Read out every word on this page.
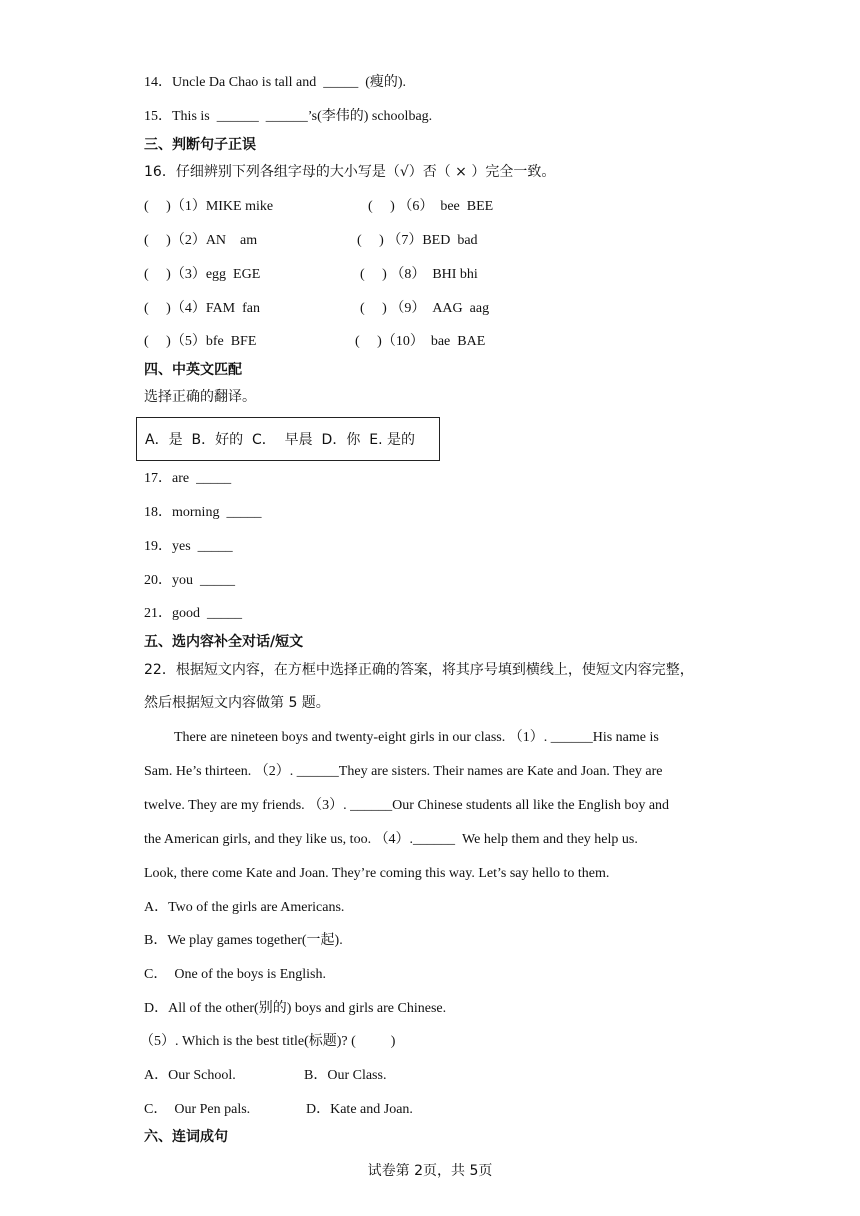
14．Uncle Da Chao is tall and  _____  (瘦的).
15．This is  ______  ______’s(李伟的) schoolbag.
三、判断句子正误
16．仔细辨别下列各组字母的大小写是（√）否（ × ）完全一致。
(     )（1）MIKE mike	(     ) （6）  bee  BEE
(     )（2）AN    am	(     ) （7）BED  bad
(     )（3）egg  EGE	(     ) （8）  BHI bhi
(     )（4）FAM  fan	(     ) （9）  AAG  aag
(     )（5）bfe  BFE	(     )（10）  bae  BAE
四、中英文匹配
选择正确的翻译。
A．是  B．好的  C．  早晨  D．你  E. 是的
17．are  _____
18．morning  _____
19．yes  _____
20．you  _____
21．good  _____
五、选内容补全对话/短文
22．根据短文内容，在方框中选择正确的答案，将其序号填到横线上，使短文内容完整，
然后根据短文内容做第 5 题。
There are nineteen boys and twenty-eight girls in our class. （1）. ______His name is
Sam. He’s thirteen. （2）. ______They are sisters. Their names are Kate and Joan. They are
twelve. They are my friends. （3）. ______Our Chinese students all like the English boy and
the American girls, and they like us, too. （4）.______  We help them and they help us.
Look, there come Kate and Joan. They’re coming this way. Let’s say hello to them.
A．Two of the girls are Americans.
B．We play games together(一起).
C．  One of the boys is English.
D．All of the other(别的) boys and girls are Chinese.
（5）. Which is the best title(标题)? (          )
A．Our School.	B．Our Class.
C．  Our Pen pals.	D．Kate and Joan.
六、连词成句
试卷第 2页，共 5页
